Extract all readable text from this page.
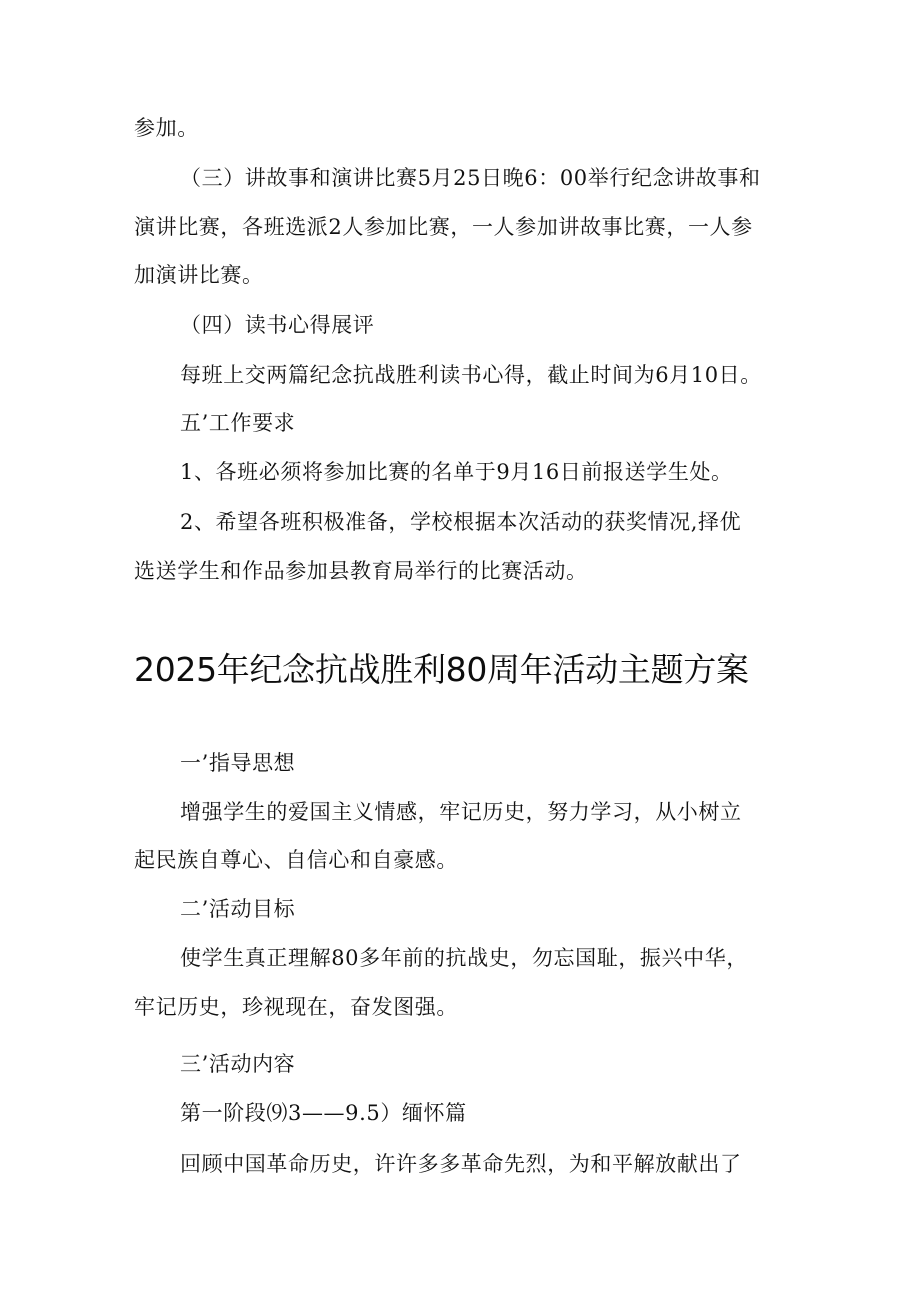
参加。
（三）讲故事和演讲比赛5月25日晚6：00举行纪念讲故事和
演讲比赛，各班选派2人参加比赛，一人参加讲故事比赛，一人参
加演讲比赛。
（四）读书心得展评
每班上交两篇纪念抗战胜利读书心得，截止时间为6月10日。
五’工作要求
1、各班必须将参加比赛的名单于9月16日前报送学生处。
2、希望各班积极准备，学校根据本次活动的获奖情况,择优
选送学生和作品参加县教育局举行的比赛活动。
2025年纪念抗战胜利80周年活动主题方案
一’指导思想
增强学生的爱国主义情感，牢记历史，努力学习，从小树立
起民族自尊心、自信心和自豪感。
二’活动目标
使学生真正理解80多年前的抗战史，勿忘国耻，振兴中华，
牢记历史，珍视现在，奋发图强。
三’活动内容
第一阶段⑼3——9.5）缅怀篇
回顾中国革命历史，许许多多革命先烈，为和平解放献出了
